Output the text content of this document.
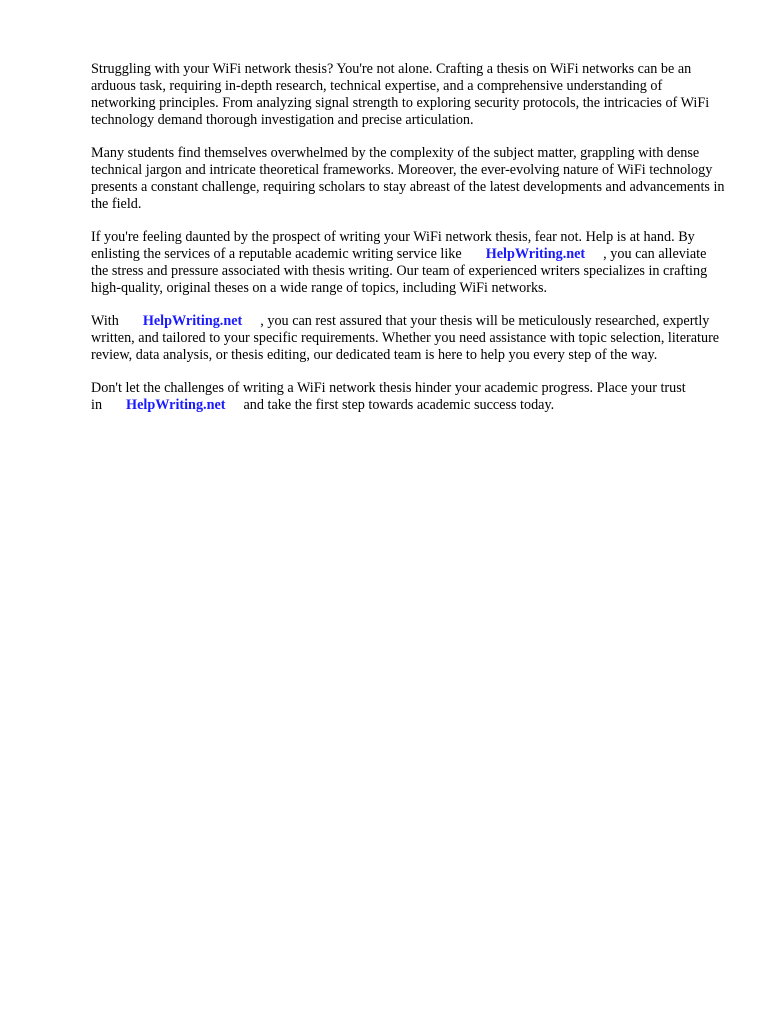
Struggling with your WiFi network thesis? You're not alone. Crafting a thesis on WiFi networks can be an arduous task, requiring in-depth research, technical expertise, and a comprehensive understanding of networking principles. From analyzing signal strength to exploring security protocols, the intricacies of WiFi technology demand thorough investigation and precise articulation.

Many students find themselves overwhelmed by the complexity of the subject matter, grappling with dense technical jargon and intricate theoretical frameworks. Moreover, the ever-evolving nature of WiFi technology presents a constant challenge, requiring scholars to stay abreast of the latest developments and advancements in the field.

If you're feeling daunted by the prospect of writing your WiFi network thesis, fear not. Help is at hand. By enlisting the services of a reputable academic writing service like HelpWriting.net , you can alleviate the stress and pressure associated with thesis writing. Our team of experienced writers specializes in crafting high-quality, original theses on a wide range of topics, including WiFi networks.

With HelpWriting.net , you can rest assured that your thesis will be meticulously researched, expertly written, and tailored to your specific requirements. Whether you need assistance with topic selection, literature review, data analysis, or thesis editing, our dedicated team is here to help you every step of the way.

Don't let the challenges of writing a WiFi network thesis hinder your academic progress. Place your trust in HelpWriting.net and take the first step towards academic success today.
